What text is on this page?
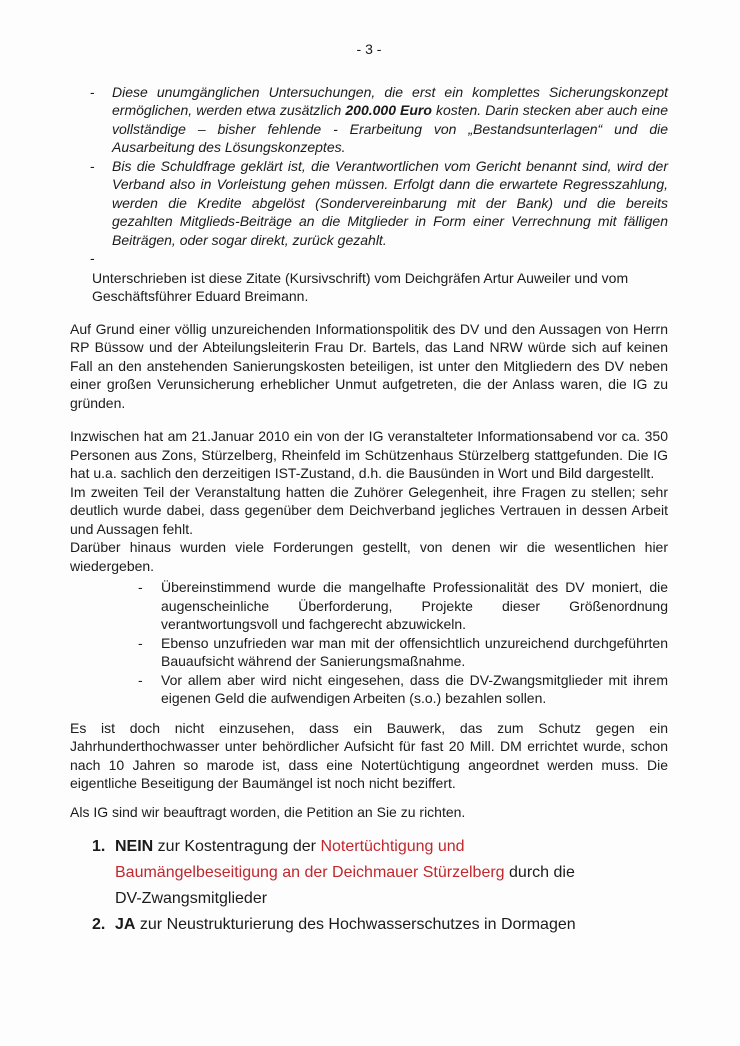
- 3 -
- Diese unumgänglichen Untersuchungen, die erst ein komplettes Sicherungskonzept ermöglichen, werden etwa zusätzlich 200.000 Euro kosten. Darin stecken aber auch eine vollständige – bisher fehlende - Erarbeitung von „Bestandsunterlagen“ und die Ausarbeitung des Lösungskonzeptes.
- Bis die Schuldfrage geklärt ist, die Verantwortlichen vom Gericht benannt sind, wird der Verband also in Vorleistung gehen müssen. Erfolgt dann die erwartete Regresszahlung, werden die Kredite abgelöst (Sondervereinbarung mit der Bank) und die bereits gezahlten Mitglieds-Beiträge an die Mitglieder in Form einer Verrechnung mit fälligen Beiträgen, oder sogar direkt, zurück gezahlt.
-

Unterschrieben ist diese Zitate (Kursivschrift) vom Deichgräfen Artur Auweiler und vom Geschäftsführer Eduard Breimann.

Auf Grund einer völlig unzureichenden Informationspolitik des DV und den Aussagen von Herrn RP Büssow und der Abteilungsleiterin Frau Dr. Bartels, das Land NRW würde sich auf keinen Fall an den anstehenden Sanierungskosten beteiligen, ist unter den Mitgliedern des DV neben einer großen Verunsicherung erheblicher Unmut aufgetreten, die der Anlass waren, die IG zu gründen.

Inzwischen hat am 21.Januar 2010 ein von der IG veranstalteter Informationsabend vor ca. 350 Personen aus Zons, Stürzelberg, Rheinfeld im Schützenhaus Stürzelberg stattgefunden. Die IG hat u.a. sachlich den derzeitigen IST-Zustand, d.h. die Bausünden in Wort und Bild dargestellt.

Im zweiten Teil der Veranstaltung hatten die Zuhörer Gelegenheit, ihre Fragen zu stellen; sehr deutlich wurde dabei, dass gegenüber dem Deichverband jegliches Vertrauen in dessen Arbeit und Aussagen fehlt.

Darüber hinaus wurden viele Forderungen gestellt, von denen wir die wesentlichen hier wiedergeben.

- Übereinstimmend wurde die mangelhafte Professionalität des DV moniert, die augenscheinliche Überforderung, Projekte dieser Größenordnung verantwortungsvoll und fachgerecht abzuwickeln.
- Ebenso unzufrieden war man mit der offensichtlich unzureichend durchgeführten Bauaufsicht während der Sanierungsmaßnahme.
- Vor allem aber wird nicht eingesehen, dass die DV-Zwangsmitglieder mit ihrem eigenen Geld die aufwendigen Arbeiten (s.o.) bezahlen sollen.

Es ist doch nicht einzusehen, dass ein Bauwerk, das zum Schutz gegen ein Jahrhunderthochwasser unter behördlicher Aufsicht für fast 20 Mill. DM errichtet wurde, schon nach 10 Jahren so marode ist, dass eine Notertüchtigung angeordnet werden muss. Die eigentliche Beseitigung der Baumängel ist noch nicht beziffert.

Als IG sind wir beauftragt worden, die Petition an Sie zu richten.

1. NEIN zur Kostentragung der Notertüchtigung und Baumängelbeseitigung an der Deichmauer Stürzelberg durch die DV-Zwangsmitglieder
2. JA zur Neustrukturierung des Hochwasserschutzes in Dormagen
